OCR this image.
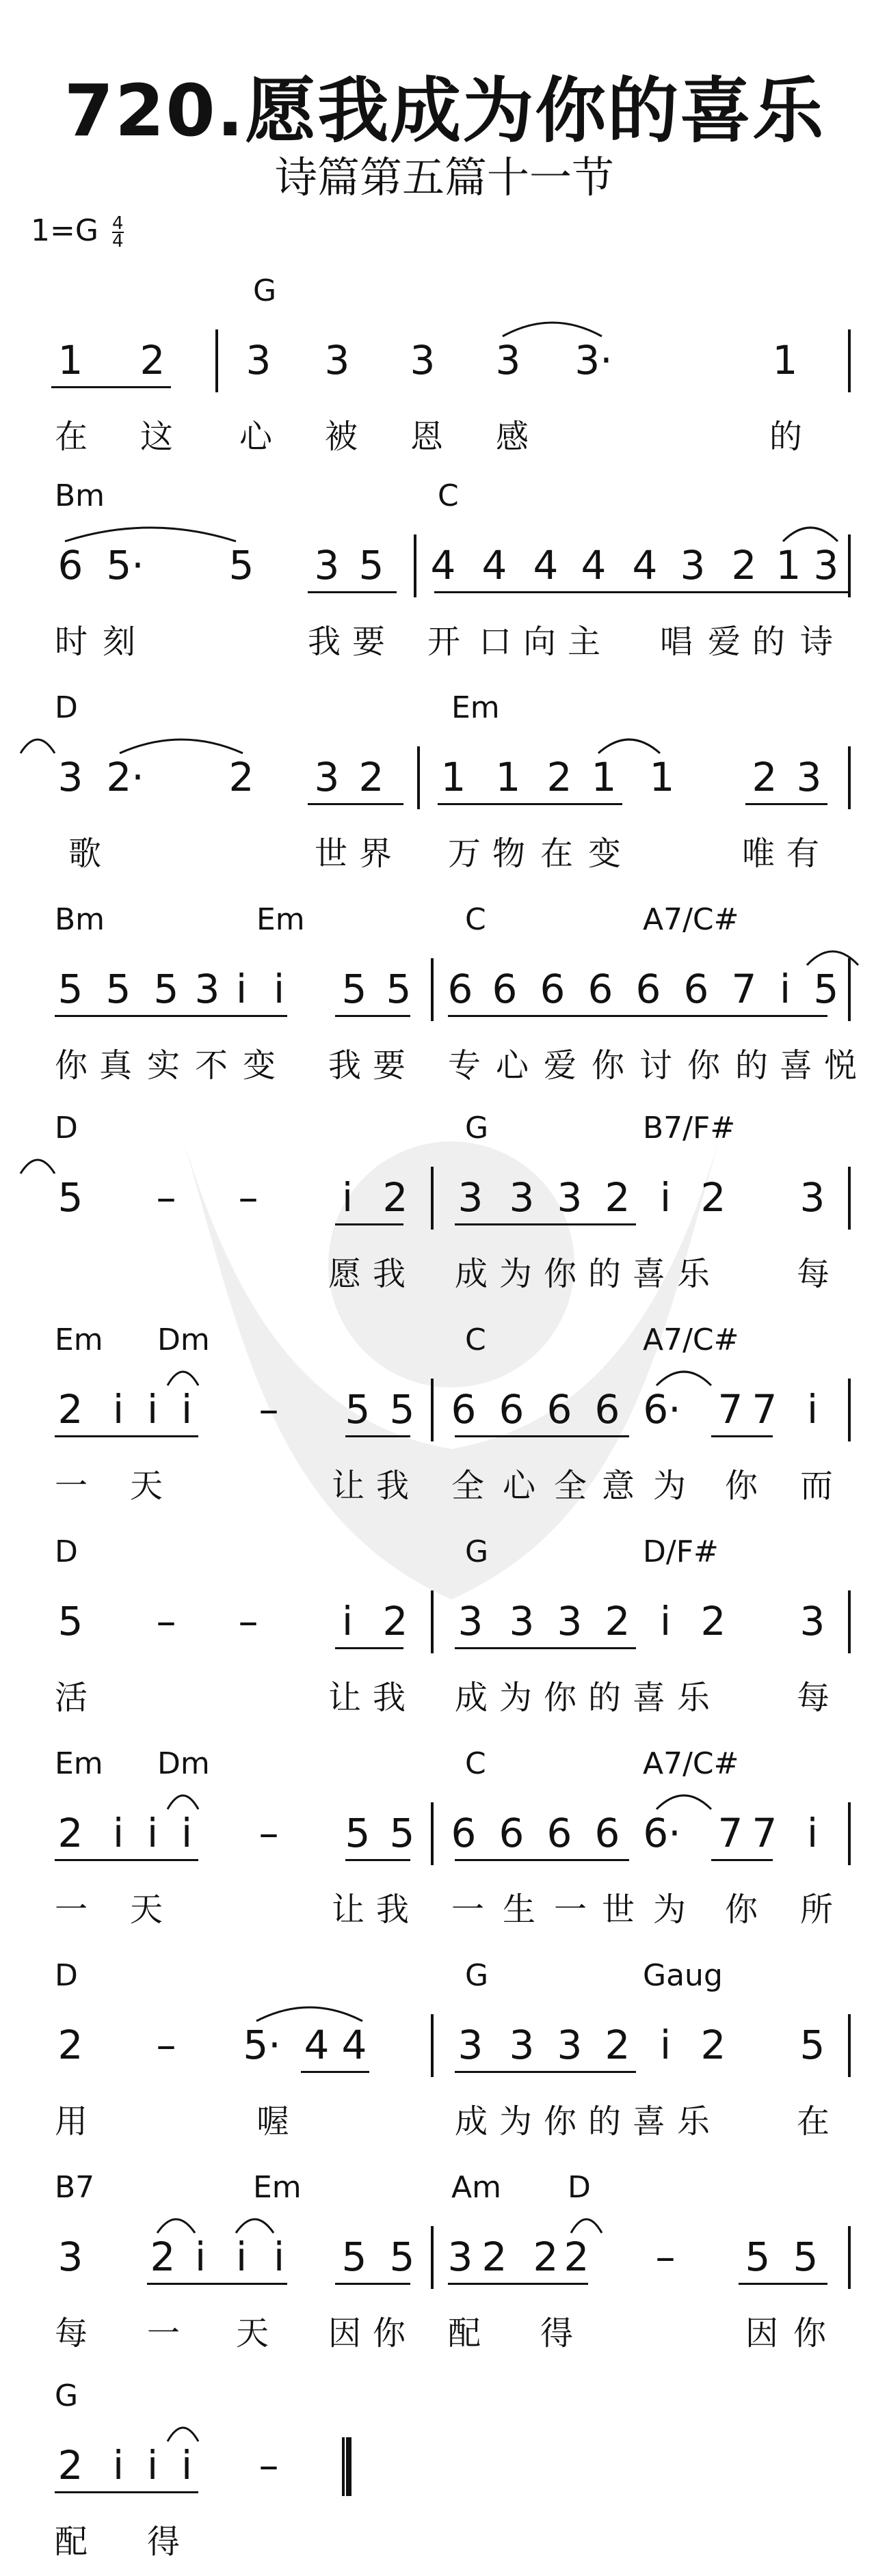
720.愿我成为你的喜乐
诗篇第五篇十一节
$1=G \frac{4}{4}$
G
1 2 3 3 3 3 3·	1
在 这 心 被 恩 感	的
Bm	C
6 5· 5 3 5 4 4 4 4 4 3 2 1 3
时 刻	我 要 开 口 向 主 唱 爱 的 诗
D	Em
3 2· 2 3 2 1 1 2 1 1 2 3
歌	世 界 万 物 在 变	唯 有
Bm	Em	C	A7/C#
5 5 5 3 i i	5 5 6 6 6 6 6 6 7 i 5
你 真 实 不 变 我 要 专 心 爱 你 讨 你 的 喜 悦
D	G	B7/F#
5 – –	i 2 3 3 3 2 i 2 3
愿 我 成 为 你 的 喜 乐	每
Em Dm	C	A7/C#
2 i i i	– 5 5 6 6 6 6 6· 7 7 i
一 天	让 我 全 心 全 意 为 你 而
D	G	D/F#
5 – –	i 2 3 3 3 2 i 2 3
活	让 我 成 为 你 的 喜 乐	每
Em Dm	C	A7/C#
2 i i i	– 5 5 6 6 6 6 6· 7 7 i
一 天	让 我 一 生 一 世 为 你 所
D	G	Gaug
2 – 5· 4 4 3 3 3 2 i 2 5
用	喔	成 为 你 的 喜 乐	在
B7	Em	Am D
3 2 i i i	5 5 3 2 2 2 – 5 5
每 一 天 因 你 配 得	因 你
G
2 i i i	–
配 得
